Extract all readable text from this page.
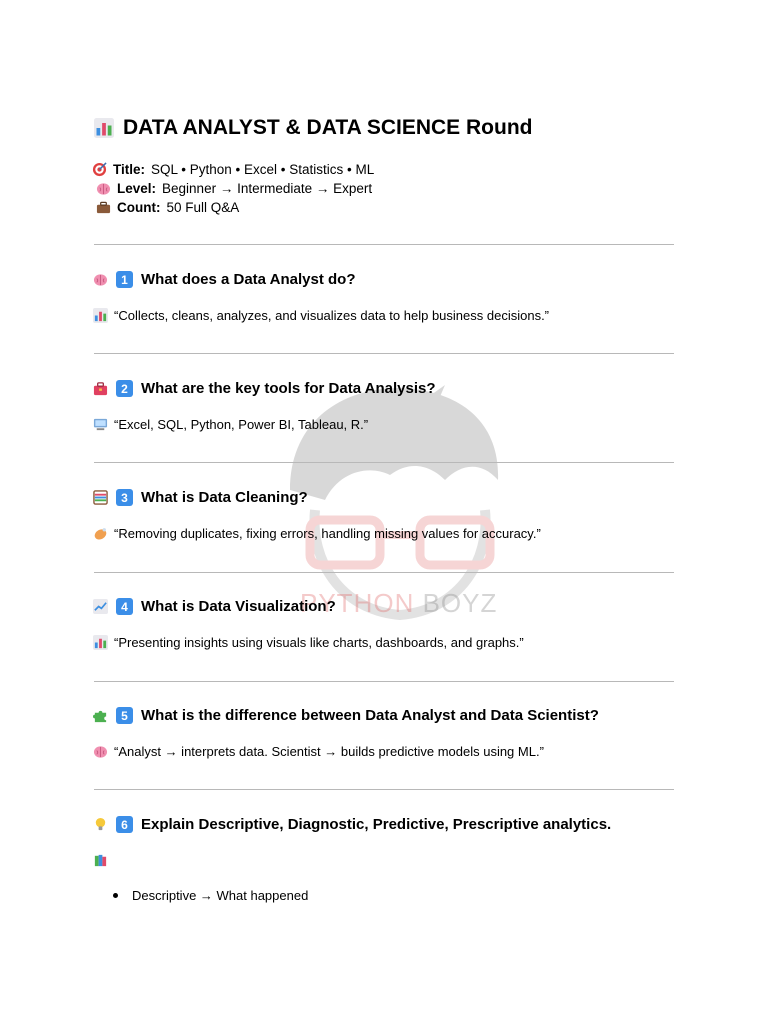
PYTHON BOYZ
DATA ANALYST & DATA SCIENCE Round
Title: SQL • Python • Excel • Statistics • ML
Level: Beginner → Intermediate → Expert
Count: 50 Full Q&A
1 What does a Data Analyst do?
“Collects, cleans, analyzes, and visualizes data to help business decisions.”
2 What are the key tools for Data Analysis?
“Excel, SQL, Python, Power BI, Tableau, R.”
3 What is Data Cleaning?
“Removing duplicates, fixing errors, handling missing values for accuracy.”
4 What is Data Visualization?
“Presenting insights using visuals like charts, dashboards, and graphs.”
5 What is the difference between Data Analyst and Data Scientist?
“Analyst → interprets data. Scientist → builds predictive models using ML.”
6 Explain Descriptive, Diagnostic, Predictive, Prescriptive analytics.
Descriptive → What happened
